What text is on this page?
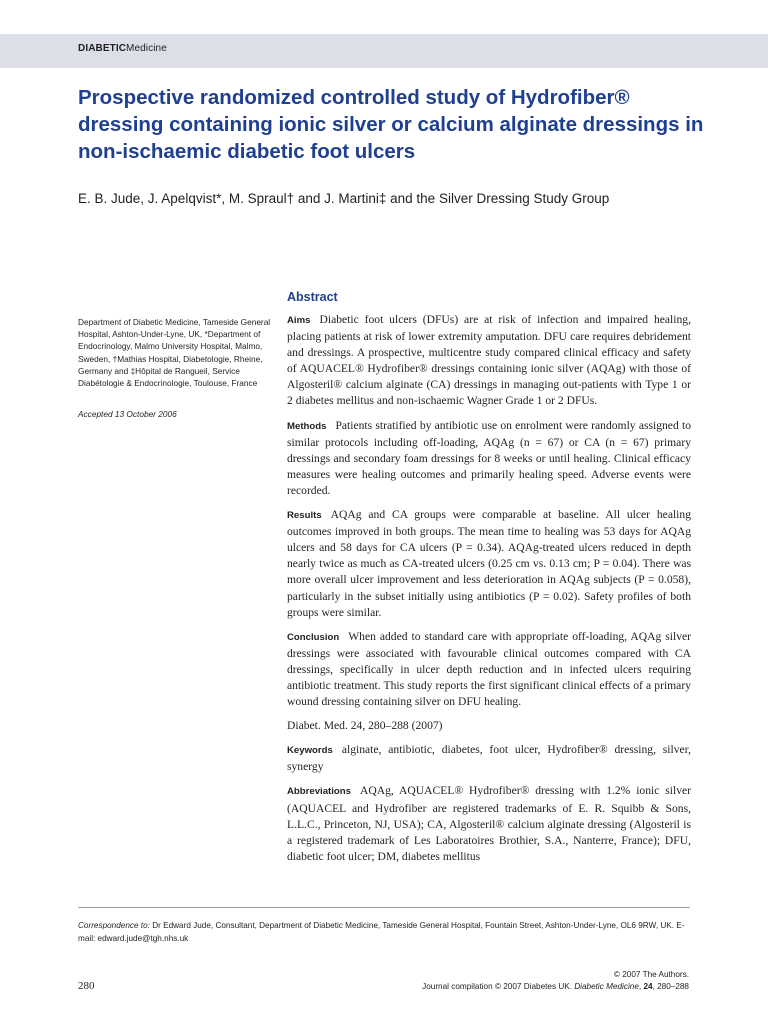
DIABETICMedicine
Prospective randomized controlled study of Hydrofiber® dressing containing ionic silver or calcium alginate dressings in non-ischaemic diabetic foot ulcers
E. B. Jude, J. Apelqvist*, M. Spraul† and J. Martini‡ and the Silver Dressing Study Group
Abstract
Department of Diabetic Medicine, Tameside General Hospital, Ashton-Under-Lyne, UK, *Department of Endocrinology, Malmo University Hospital, Malmo, Sweden, †Mathias Hospital, Diabetologie, Rheine, Germany and ‡Hôpital de Rangueil, Service Diabétologie & Endocrinologie, Toulouse, France
Accepted 13 October 2006

Aims Diabetic foot ulcers (DFUs) are at risk of infection and impaired healing, placing patients at risk of lower extremity amputation. DFU care requires debridement and dressings. A prospective, multicentre study compared clinical efficacy and safety of AQUACEL® Hydrofiber® dressings containing ionic silver (AQAg) with those of Algosteril® calcium alginate (CA) dressings in managing out-patients with Type 1 or 2 diabetes mellitus and non-ischaemic Wagner Grade 1 or 2 DFUs.

Methods Patients stratified by antibiotic use on enrolment were randomly assigned to similar protocols including off-loading, AQAg (n = 67) or CA (n = 67) primary dressings and secondary foam dressings for 8 weeks or until healing. Clinical efficacy measures were healing outcomes and primarily healing speed. Adverse events were recorded.

Results AQAg and CA groups were comparable at baseline. All ulcer healing outcomes improved in both groups. The mean time to healing was 53 days for AQAg ulcers and 58 days for CA ulcers (P = 0.34). AQAg-treated ulcers reduced in depth nearly twice as much as CA-treated ulcers (0.25 cm vs. 0.13 cm; P = 0.04). There was more overall ulcer improvement and less deterioration in AQAg subjects (P = 0.058), particularly in the subset initially using antibiotics (P = 0.02). Safety profiles of both groups were similar.

Conclusion When added to standard care with appropriate off-loading, AQAg silver dressings were associated with favourable clinical outcomes compared with CA dressings, specifically in ulcer depth reduction and in infected ulcers requiring antibiotic treatment. This study reports the first significant clinical effects of a primary wound dressing containing silver on DFU healing.

Diabet. Med. 24, 280–288 (2007)

Keywords alginate, antibiotic, diabetes, foot ulcer, Hydrofiber® dressing, silver, synergy

Abbreviations AQAg, AQUACEL® Hydrofiber® dressing with 1.2% ionic silver (AQUACEL and Hydrofiber are registered trademarks of E. R. Squibb & Sons, L.L.C., Princeton, NJ, USA); CA, Algosteril® calcium alginate dressing (Algosteril is a registered trademark of Les Laboratoires Brothier, S.A., Nanterre, France); DFU, diabetic foot ulcer; DM, diabetes mellitus

Correspondence to: Dr Edward Jude, Consultant, Department of Diabetic Medicine, Tameside General Hospital, Fountain Street, Ashton-Under-Lyne, OL6 9RW, UK. E-mail: edward.jude@tgh.nhs.uk
280
© 2007 The Authors.
Journal compilation © 2007 Diabetes UK. Diabetic Medicine, 24, 280–288
